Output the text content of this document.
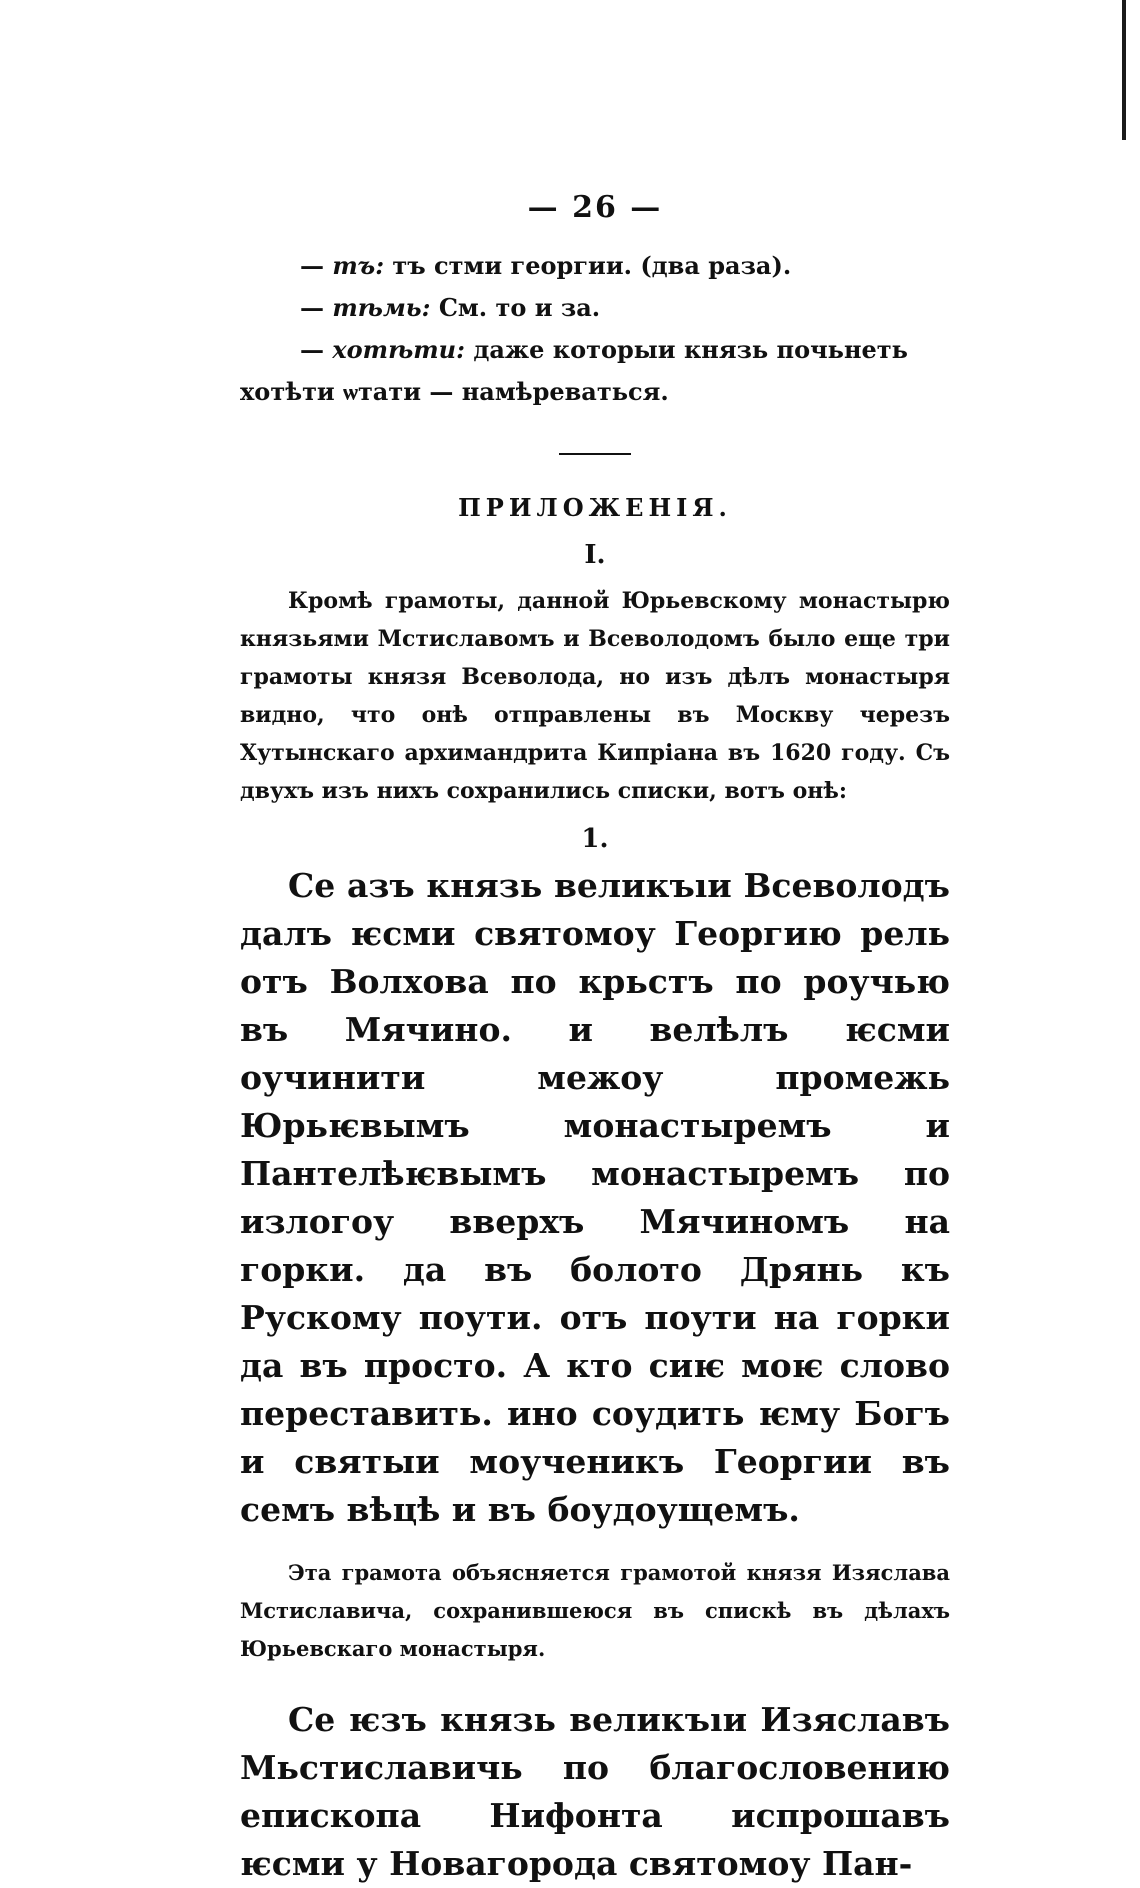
— 26 —

— тъ: тъ стми георгии. (два раза).

— тѣмь: См. то и за.

— хотѣти: даже которыи князь почьнеть хотѣти ѡтати — намѣреваться.

ПРИЛОЖЕНІЯ.
I.

Кромѣ грамоты, данной Юрьевскому монастырю князьями Мстиславомъ и Всеволодомъ было еще три грамоты князя Всеволода, но изъ дѣлъ монастыря видно, что онѣ отправлены въ Москву черезъ Хутынскаго архимандрита Кипріана въ 1620 году. Съ двухъ изъ нихъ сохранились списки, вотъ онѣ:

1.

Се азъ князь великъıи Всеволодъ далъ ѥсми святомоу Георгию рель отъ Волхова по крьстъ по роучью въ Мячино. и велѣлъ ѥсми оучинити межоу промежь Юрьѥвымъ монастыремъ и Пантелѣѥвымъ монастыремъ по излогоу вверхъ Мячиномъ на горки. да въ болото Дрянь къ Рускому поути. отъ поути на горки да въ просто. А кто сиѥ моѥ слово переставить. ино соудить ѥму Богъ и святыи моученикъ Георгии въ семъ вѣцѣ и въ боудоущемъ.

Эта грамота объясняется грамотой князя Изяслава Мстиславича, сохранившеюся въ спискѣ въ дѣлахъ Юрьевскаго монастыря.

Се ѥзъ князь великъıи Изяславъ Мьстиславичь по благословению епископа Нифонта испрошавъ ѥсми у Новагорода святомоу Пан-
